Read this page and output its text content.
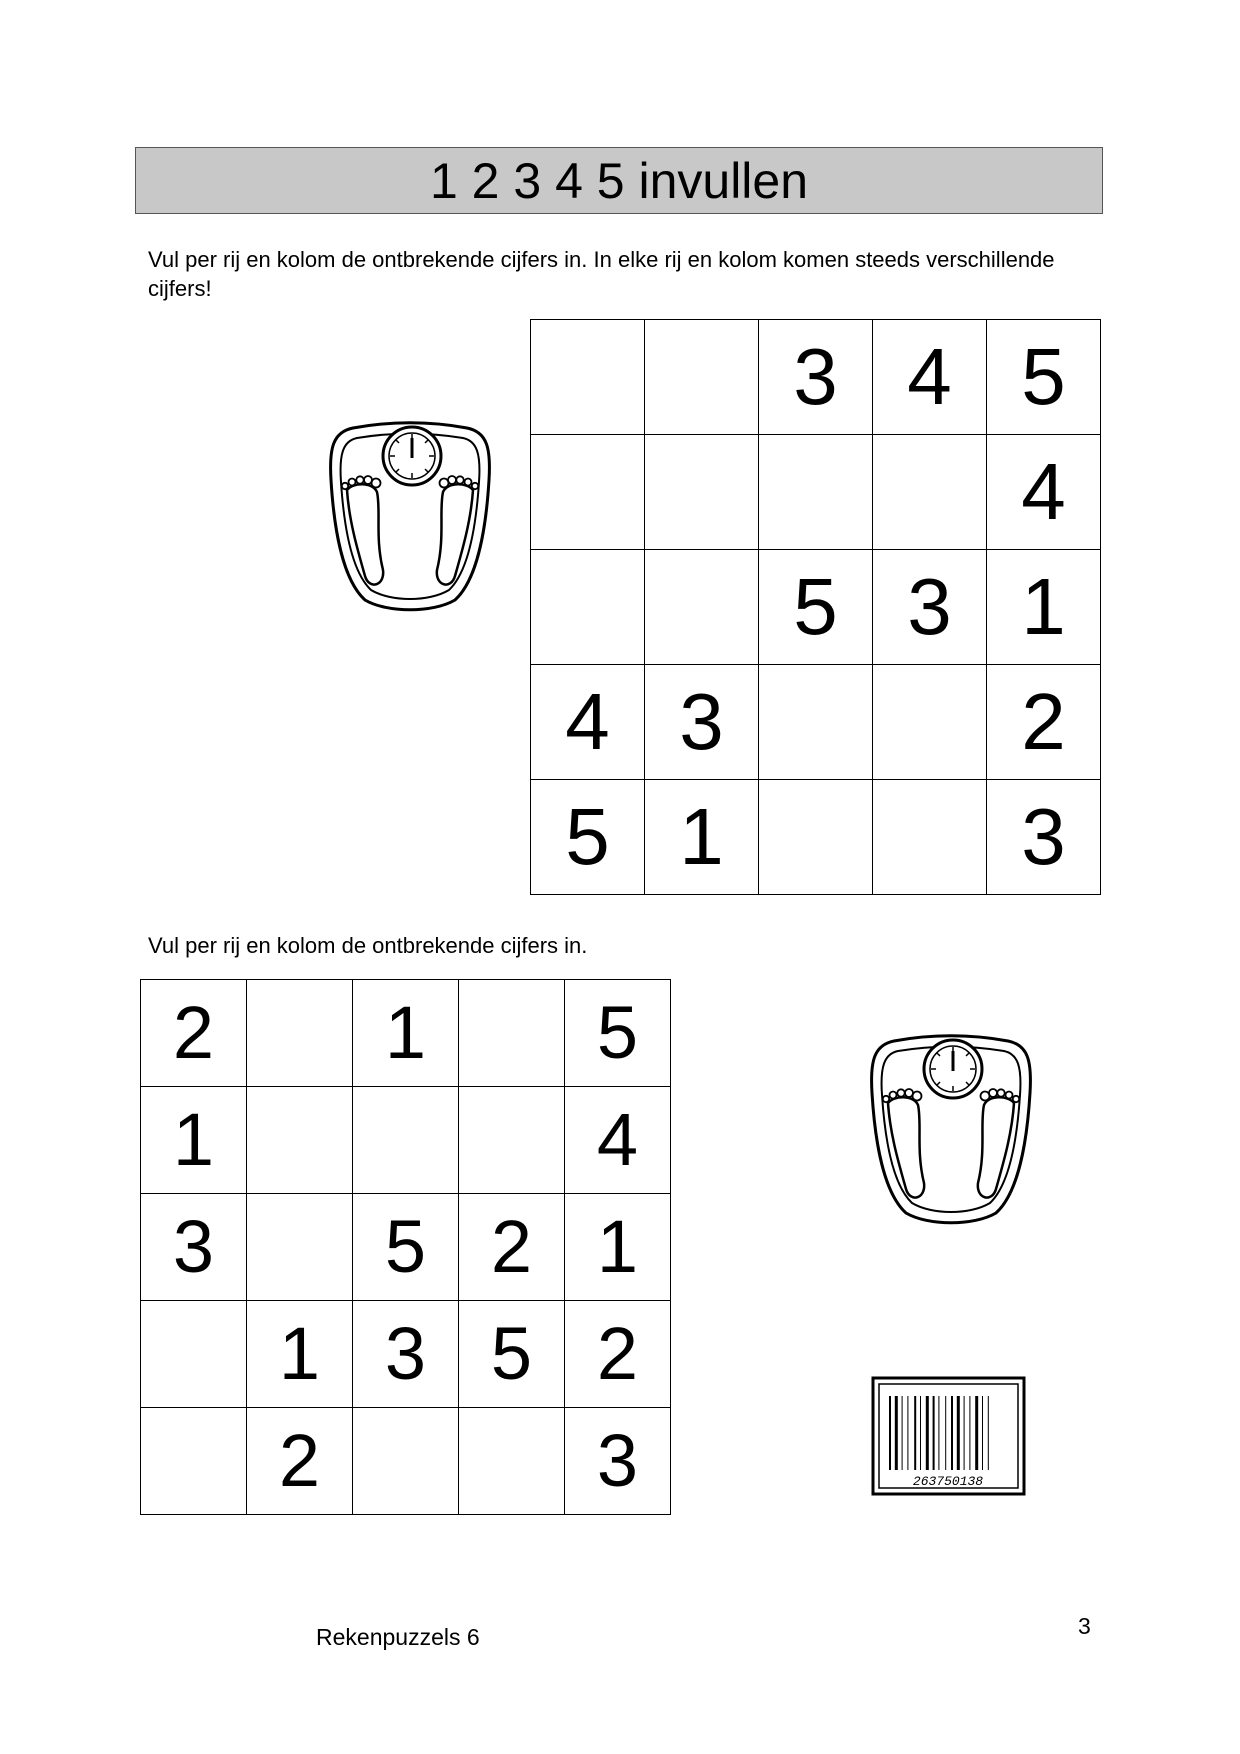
1 2 3 4 5 invullen

Vul per rij en kolom de ontbrekende cijfers in. In elke rij en kolom komen steeds verschillende cijfers!

		3	4	5
				4
		5	3	1
4	3			2
5	1			3

Vul per rij en kolom de ontbrekende cijfers in.

2		1		5
1				4
3		5	2	1
	1	3	5	2
	2			3	263750138
Rekenpuzzels 6	3
